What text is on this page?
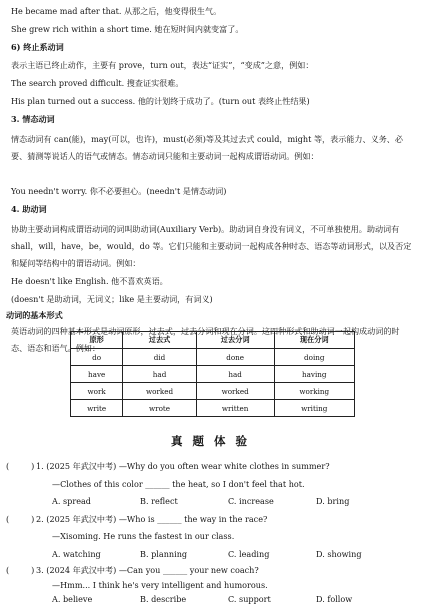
He became mad after that. 从那之后，他变得很生气。
She grew rich within a short time. 她在短时间内就变富了。
6) 终止系动词
表示主语已终止动作，主要有 prove，turn out，表达“证实”，“变成”之意，例如：
The search proved difficult. 搜查证实很难。
His plan turned out a success. 他的计划终于成功了。(turn out 表终止性结果)
3. 情态动词
情态动词有 can(能)，may(可以，也许)，must(必须)等及其过去式 could，might 等，表示能力、义务、必要、猜测等说话人的语气或情态。情态动词只能和主要动词一起构成谓语动词。例如：
You needn't worry. 你不必要担心。(needn't 是情态动词)
4. 助动词
协助主要动词构成谓语动词的词叫助动词(Auxiliary Verb)。助动词自身没有词义，不可单独使用。助动词有 shall，will，have，be，would，do 等。它们只能和主要动词一起构成各种时态、语态等动词形式，以及否定和疑问等结构中的谓语动词。例如：
He doesn't like English. 他不喜欢英语。
(doesn't 是助动词，无词义；like 是主要动词，有词义)
动词的基本形式
英语动词的四种基本形式是动词原形，过去式，过去分词和现在分词。这四种形式和助动词一起构成动词的时态、语态和语气。例如：
原形	过去式	过去分词	现在分词
do	did	done	doing
have	had	had	having
work	worked	worked	working
write	wrote	written	writing
真 题 体 验
(	) 1. (2025 年武汉中考) —Why do you often wear white clothes in summer?
—Clothes of this color ______ the heat, so I don't feel that hot.
A. spread	B. reflect	C. increase	D. bring
(	) 2. (2025 年武汉中考) —Who is ______ the way in the race?
—Xisoming. He runs the fastest in our class.
A. watching	B. planning	C. leading	D. showing
(	) 3. (2024 年武汉中考) —Can you ______ your new coach?
—Hmm... I think he's very intelligent and humorous.
A. believe	B. describe	C. support	D. follow
